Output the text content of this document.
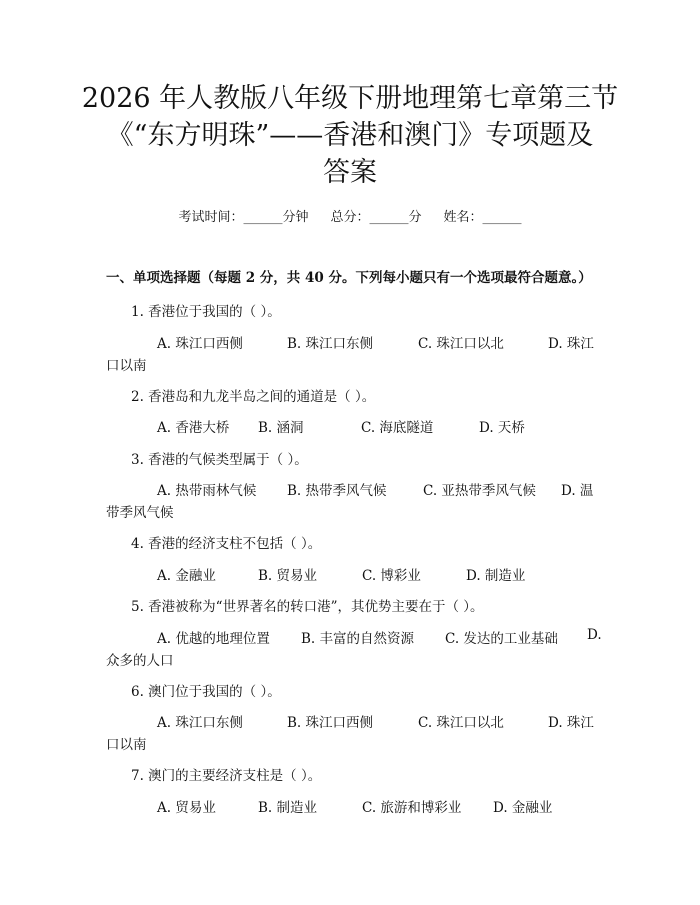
2026 年人教版八年级下册地理第七章第三节
《“东方明珠”——香港和澳门》专项题及
答案
考试时间：______分钟 总分：______分 姓名：______
一、单项选择题（每题 2 分，共 40 分。下列每小题只有一个选项最符合题意。）
1. 香港位于我国的（ ）。
A. 珠江口西侧	B. 珠江口东侧	C. 珠江口以北	D. 珠江
口以南
2. 香港岛和九龙半岛之间的通道是（ ）。
A. 香港大桥 B. 涵洞	C. 海底隧道	D. 天桥
3. 香港的气候类型属于（ ）。
A. 热带雨林气候 B. 热带季风气候	C. 亚热带季风气候 D. 温
带季风气候
4. 香港的经济支柱不包括（ ）。
A. 金融业	B. 贸易业	C. 博彩业	D. 制造业
5. 香港被称为“世界著名的转口港”，其优势主要在于（ ）。
A. 优越的地理位置 B. 丰富的自然资源 C. 发达的工业基础 D.
众多的人口
6. 澳门位于我国的（ ）。
A. 珠江口东侧	B. 珠江口西侧	C. 珠江口以北	D. 珠江
口以南
7. 澳门的主要经济支柱是（ ）。
A. 贸易业	B. 制造业	C. 旅游和博彩业 D. 金融业
